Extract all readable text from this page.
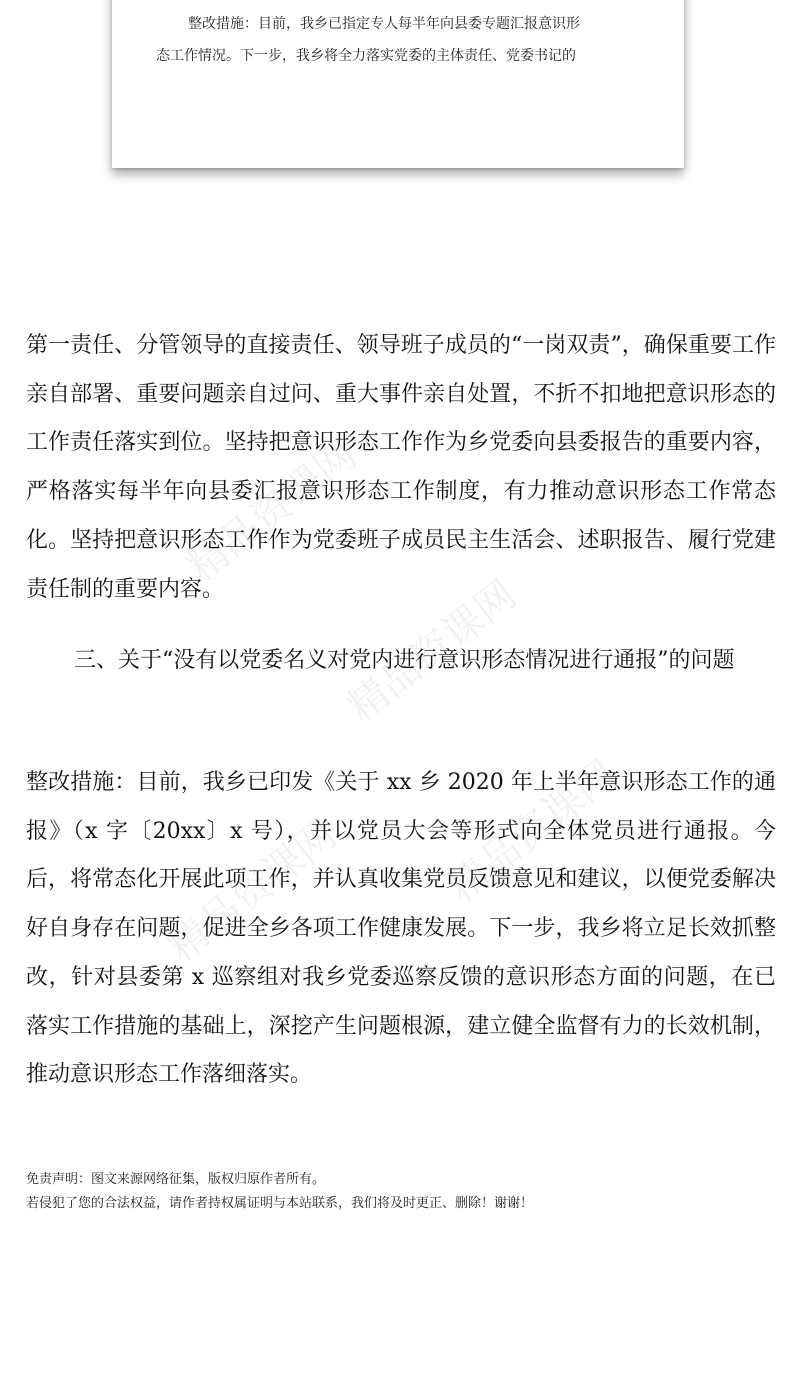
整改措施：目前，我乡已指定专人每半年向县委专题汇报意识形
态工作情况。下一步，我乡将全力落实党委的主体责任、党委书记的
精品资课网
精品资课网
精品资课网 精品资课网

第一责任、分管领导的直接责任、领导班子成员的“一岗双责”，确保重要工作亲自部署、重要问题亲自过问、重大事件亲自处置，不折不扣地把意识形态的工作责任落实到位。坚持把意识形态工作作为乡党委向县委报告的重要内容，严格落实每半年向县委汇报意识形态工作制度，有力推动意识形态工作常态化。坚持把意识形态工作作为党委班子成员民主生活会、述职报告、履行党建责任制的重要内容。

三、关于“没有以党委名义对党内进行意识形态情况进行通报”的问题

整改措施：目前，我乡已印发《关于 xx 乡 2020 年上半年意识形态工作的通报》（x 字〔20xx〕x 号），并以党员大会等形式向全体党员进行通报。今后，将常态化开展此项工作，并认真收集党员反馈意见和建议，以便党委解决好自身存在问题，促进全乡各项工作健康发展。下一步，我乡将立足长效抓整改，针对县委第 x 巡察组对我乡党委巡察反馈的意识形态方面的问题，在已落实工作措施的基础上，深挖产生问题根源，建立健全监督有力的长效机制，推动意识形态工作落细落实。

免责声明：图文来源网络征集，版权归原作者所有。
若侵犯了您的合法权益，请作者持权属证明与本站联系，我们将及时更正、删除！谢谢！
